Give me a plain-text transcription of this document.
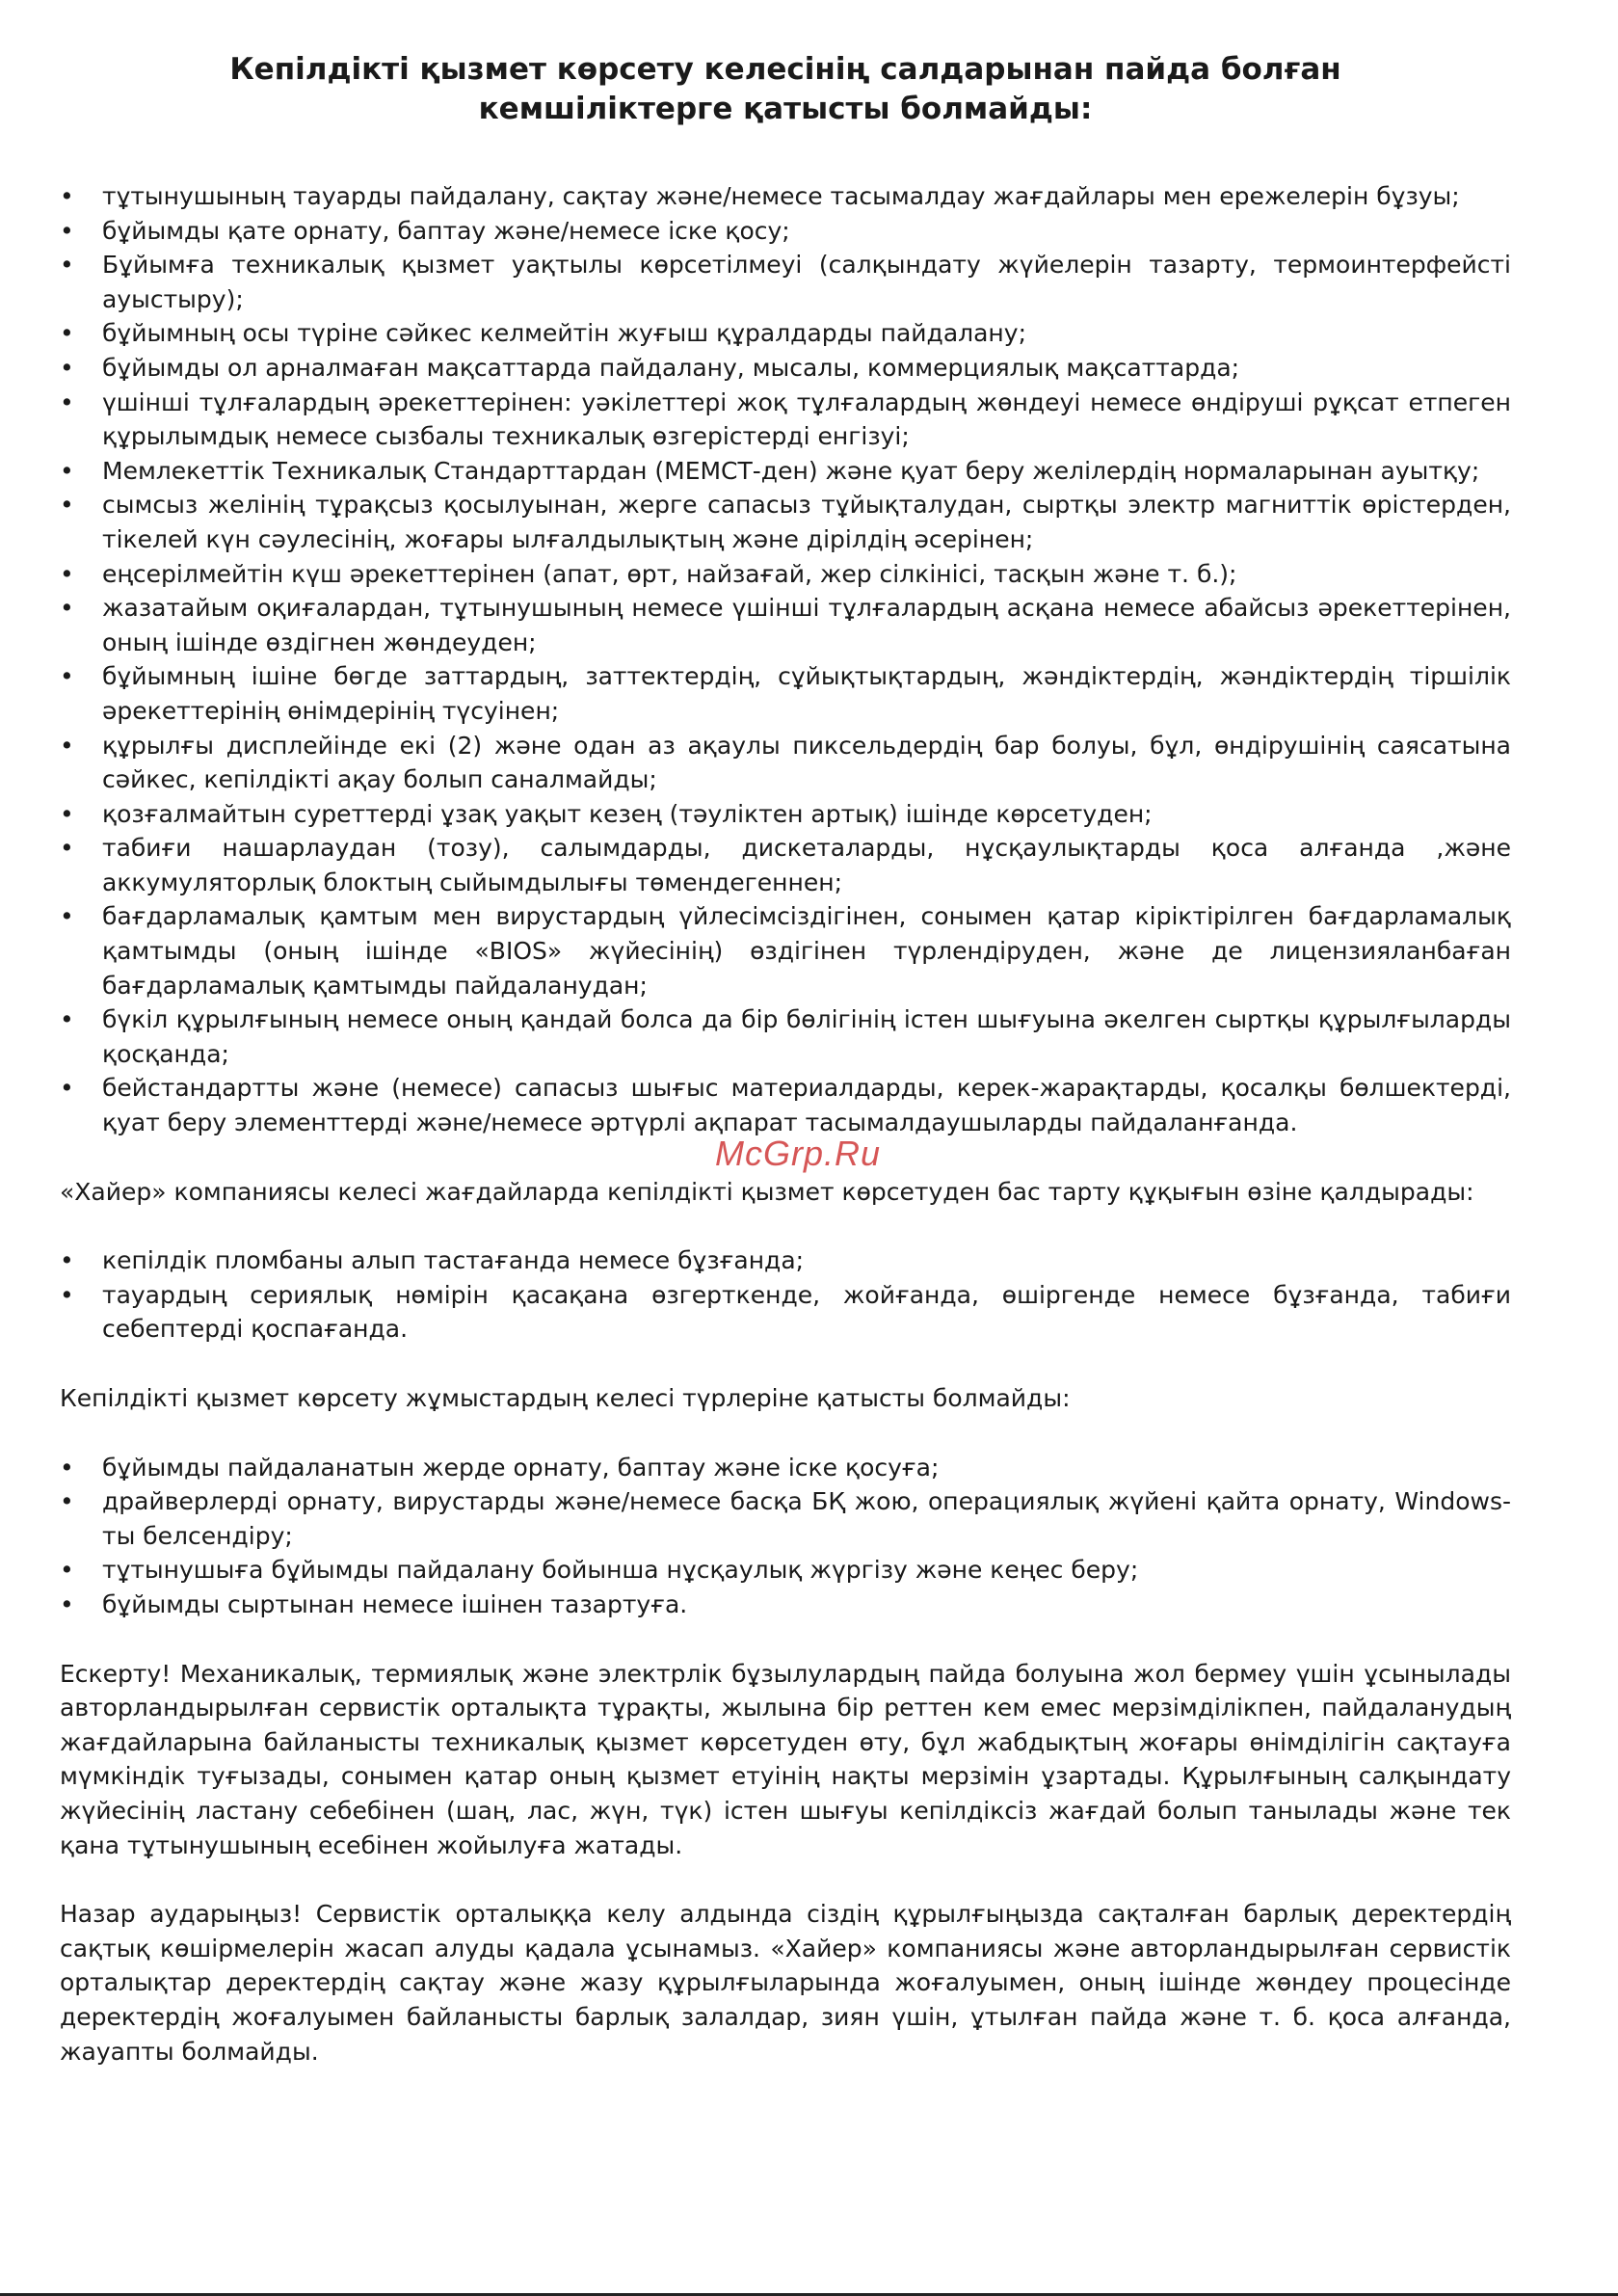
Кепілдікті қызмет көрсету келесінің салдарынан пайда болған кемшіліктерге қатысты болмайды:
• тұтынушының тауарды пайдалану, сақтау және/немесе тасымалдау жағдайлары мен ережелерін бұзуы;
• бұйымды қате орнату, баптау және/немесе іске қосу;
• Бұйымға техникалық қызмет уақтылы көрсетілмеуі (салқындату жүйелерін тазарту, термоинтерфейсті ауыстыру);
• бұйымның осы түріне сәйкес келмейтін жуғыш құралдарды пайдалану;
• бұйымды ол арналмаған мақсаттарда пайдалану, мысалы, коммерциялық мақсаттарда;
• үшінші тұлғалардың әрекеттерінен: уәкілеттері жоқ тұлғалардың жөндеуі немесе өндіруші рұқсат етпеген құрылымдық немесе сызбалы техникалық өзгерістерді енгізуі;
• Мемлекеттік Техникалық Стандарттардан (МЕМСТ-ден) және қуат беру желілердің нормаларынан ауытқу;
• сымсыз желінің тұрақсыз қосылуынан, жерге сапасыз тұйықталудан, сыртқы электр магниттік өрістерден, тікелей күн сәулесінің, жоғары ылғалдылықтың және дірілдің әсерінен;
• еңсерілмейтін күш әрекеттерінен (апат, өрт, найзағай, жер сілкінісі, тасқын және т. б.);
• жазатайым оқиғалардан, тұтынушының немесе үшінші тұлғалардың асқана немесе абайсыз әрекеттерінен, оның ішінде өздігнен жөндеуден;
• бұйымның ішіне бөгде заттардың, заттектердің, сұйықтықтардың, жәндіктердің, жәндіктердің тіршілік әрекеттерінің өнімдерінің түсуінен;
• құрылғы дисплейінде екі (2) және одан аз ақаулы пиксельдердің бар болуы, бұл, өндірушінің саясатына сәйкес, кепілдікті ақау болып саналмайды;
• қозғалмайтын суреттерді ұзақ уақыт кезең (тәуліктен артық) ішінде көрсетуден;
• табиғи нашарлаудан (тозу), салымдарды, дискеталарды, нұсқаулықтарды қоса алғанда ,және аккумуляторлық блоктың сыйымдылығы төмендегеннен;
• бағдарламалық қамтым мен вирустардың үйлесімсіздігінен, сонымен қатар кіріктірілген бағдарламалық қамтымды (оның ішінде «BIOS» жүйесінің) өздігінен түрлендіруден, және де лицензияланбаған бағдарламалық қамтымды пайдаланудан;
• бүкіл құрылғының немесе оның қандай болса да бір бөлігінің істен шығуына әкелген сыртқы құрылғыларды қосқанда;
• бейстандартты және (немесе) сапасыз шығыс материалдарды, керек-жарақтарды, қосалқы бөлшектерді, қуат беру элементтерді және/немесе әртүрлі ақпарат тасымалдаушыларды пайдаланғанда.

«Хайер» компаниясы келесі жағдайларда кепілдікті қызмет көрсетуден бас тарту құқығын өзіне қалдырады:

• кепілдік пломбаны алып тастағанда немесе бұзғанда;
• тауардың сериялық нөмірін қасақана өзгерткенде, жойғанда, өшіргенде немесе бұзғанда, табиғи себептерді қоспағанда.

Кепілдікті қызмет көрсету жұмыстардың келесі түрлеріне қатысты болмайды:

• бұйымды пайдаланатын жерде орнату, баптау және іске қосуға;
• драйверлерді орнату, вирустарды және/немесе басқа БҚ жою, операциялық жүйені қайта орнату, Windows-ты белсендіру;
• тұтынушыға бұйымды пайдалану бойынша нұсқаулық жүргізу және кеңес беру;
• бұйымды сыртынан немесе ішінен тазартуға.

Ескерту! Механикалық, термиялық және электрлік бұзылулардың пайда болуына жол бермеу үшін ұсынылады авторландырылған сервистік орталықта тұрақты, жылына бір реттен кем емес мерзімділікпен, пайдаланудың жағдайларына байланысты техникалық қызмет көрсетуден өту, бұл жабдықтың жоғары өнімділігін сақтауға мүмкіндік туғызады, сонымен қатар оның қызмет етуінің нақты мерзімін ұзартады. Құрылғының салқындату жүйесінің ластану себебінен (шаң, лас, жүн, түк) істен шығуы кепілдіксіз жағдай болып танылады және тек қана тұтынушының есебінен жойылуға жатады.

Назар аударыңыз! Сервистік орталыққа келу алдында сіздің құрылғыңызда сақталған барлық деректердің сақтық көшірмелерін жасап алуды қадала ұсынамыз. «Хайер» компаниясы және авторландырылған сервистік орталықтар деректердің сақтау және жазу құрылғыларында жоғалуымен, оның ішінде жөндеу процесінде деректердің жоғалуымен байланысты барлық залалдар, зиян үшін, ұтылған пайда және т. б. қоса алғанда, жауапты болмайды.

McGrp.Ru
